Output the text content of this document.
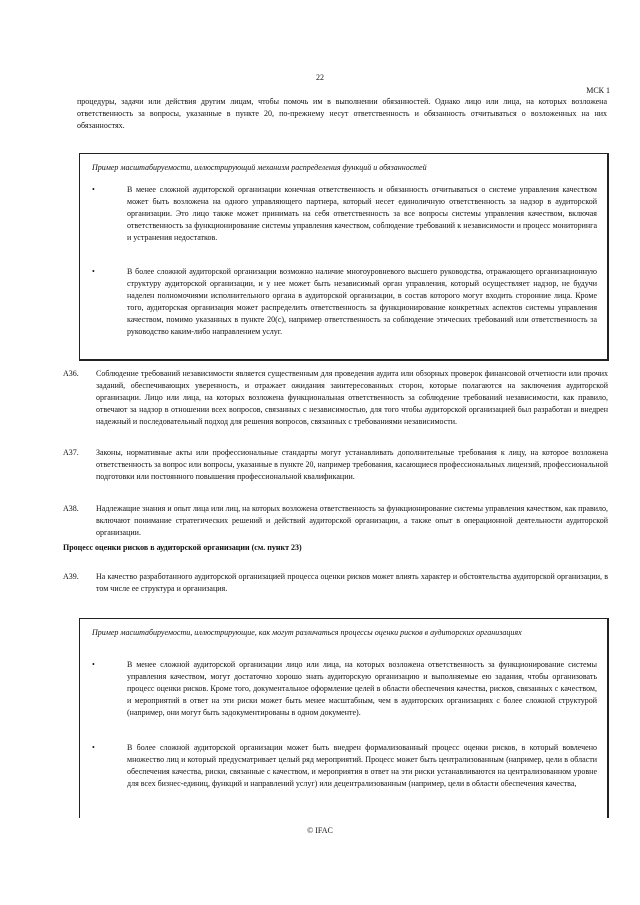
22
МСК 1
процедуры, задачи или действия другим лицам, чтобы помочь им в выполнении обязанностей. Однако лицо или лица, на которых возложена ответственность за вопросы, указанные в пункте 20, по-прежнему несут ответственность и обязанность отчитываться о возложенных на них обязанностях.
Пример масштабируемости, иллюстрирующий механизм распределения функций и обязанностей
•	В менее сложной аудиторской организации конечная ответственность и обязанность отчитываться о системе управления качеством может быть возложена на одного управляющего партнера, который несет единоличную ответственность за надзор в аудиторской организации. Это лицо также может принимать на себя ответственность за все вопросы системы управления качеством, включая ответственность за функционирование системы управления качеством, соблюдение требований к независимости и процесс мониторинга и устранения недостатков.
•	В более сложной аудиторской организации возможно наличие многоуровневого высшего руководства, отражающего организационную структуру аудиторской организации, и у нее может быть независимый орган управления, который осуществляет надзор, не будучи наделен полномочиями исполнительного органа в аудиторской организации, в состав которого могут входить сторонние лица. Кроме того, аудиторская организация может распределить ответственность за функционирование конкретных аспектов системы управления качеством, помимо указанных в пункте 20(c), например ответственность за соблюдение этических требований или ответственность за руководство каким-либо направлением услуг.
A36. Соблюдение требований независимости является существенным для проведения аудита или обзорных проверок финансовой отчетности или прочих заданий, обеспечивающих уверенность, и отражает ожидания заинтересованных сторон, которые полагаются на заключения аудиторской организации. Лицо или лица, на которых возложена функциональная ответственность за соблюдение требований независимости, как правило, отвечают за надзор в отношении всех вопросов, связанных с независимостью, для того чтобы аудиторской организацией был разработан и внедрен надежный и последовательный подход для решения вопросов, связанных с требованиями независимости.
A37. Законы, нормативные акты или профессиональные стандарты могут устанавливать дополнительные требования к лицу, на которое возложена ответственность за вопрос или вопросы, указанные в пункте 20, например требования, касающиеся профессиональных лицензий, профессиональной подготовки или постоянного повышения профессиональной квалификации.
A38. Надлежащие знания и опыт лица или лиц, на которых возложена ответственность за функционирование системы управления качеством, как правило, включают понимание стратегических решений и действий аудиторской организации, а также опыт в операционной деятельности аудиторской организации.
Процесс оценки рисков в аудиторской организации (см. пункт 23)
A39. На качество разработанного аудиторской организацией процесса оценки рисков может влиять характер и обстоятельства аудиторской организации, в том числе ее структура и организация.
Пример масштабируемости, иллюстрирующие, как могут различаться процессы оценки рисков в аудиторских организациях
•	В менее сложной аудиторской организации лицо или лица, на которых возложена ответственность за функционирование системы управления качеством, могут достаточно хорошо знать аудиторскую организацию и выполняемые ею задания, чтобы организовать процесс оценки рисков. Кроме того, документальное оформление целей в области обеспечения качества, рисков, связанных с качеством, и мероприятий в ответ на эти риски может быть менее масштабным, чем в аудиторских организациях с более сложной структурой (например, они могут быть задокументированы в одном документе).
•	В более сложной аудиторской организации может быть внедрен формализованный процесс оценки рисков, в который вовлечено множество лиц и который предусматривает целый ряд мероприятий. Процесс может быть централизованным (например, цели в области обеспечения качества, риски, связанные с качеством, и мероприятия в ответ на эти риски устанавливаются на централизованном уровне для всех бизнес-единиц, функций и направлений услуг) или децентрализованным (например, цели в области обеспечения качества,
© IFAC
